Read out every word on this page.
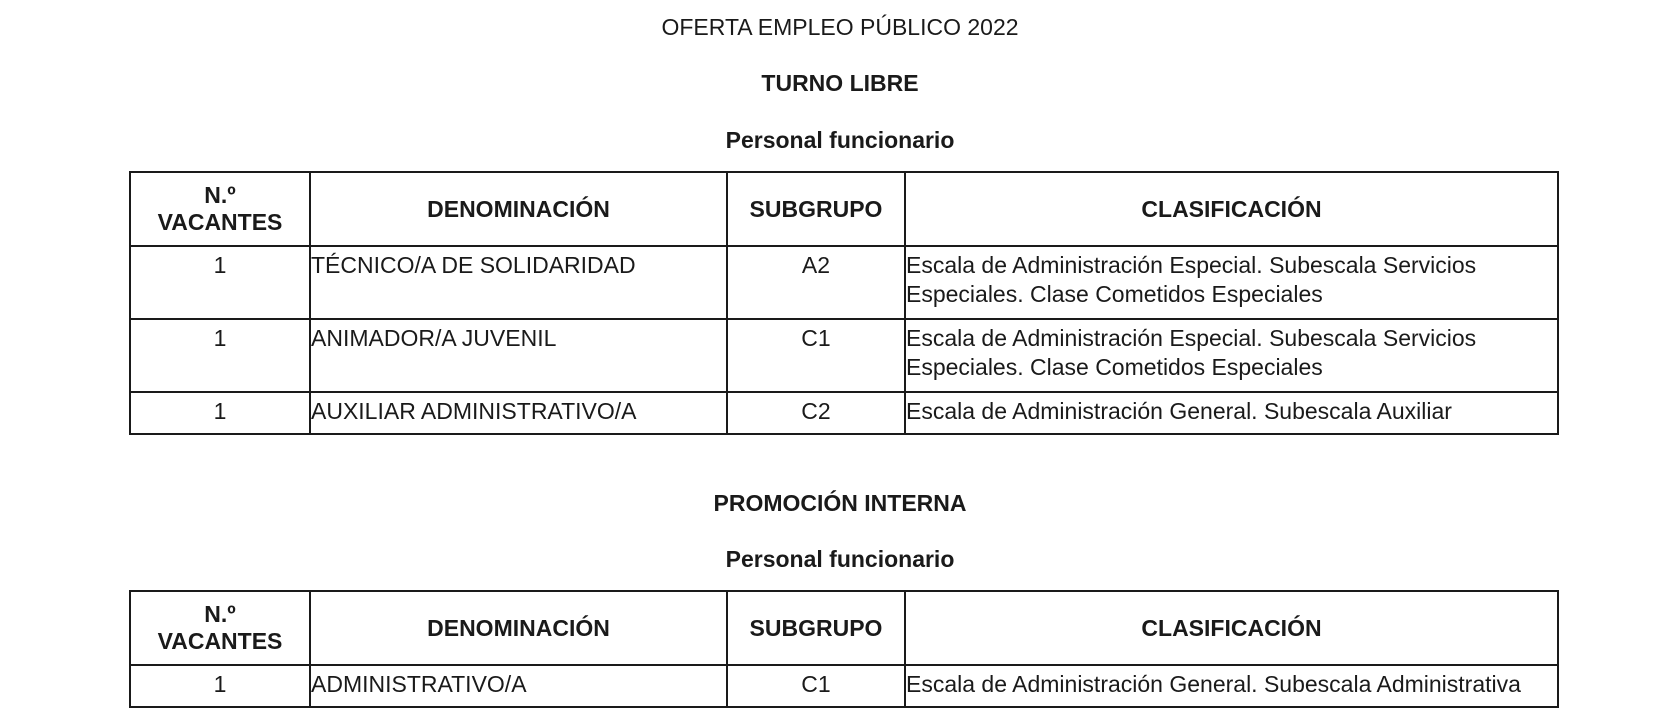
OFERTA EMPLEO PÚBLICO 2022
TURNO LIBRE
Personal funcionario
N.º
VACANTES	DENOMINACIÓN	SUBGRUPO	CLASIFICACIÓN
1	TÉCNICO/A DE SOLIDARIDAD	A2	Escala de Administración Especial. Subescala Servicios
Especiales. Clase Cometidos Especiales

1	ANIMADOR/A JUVENIL	C1	Escala de Administración Especial. Subescala Servicios
Especiales. Clase Cometidos Especiales

1	AUXILIAR ADMINISTRATIVO/A	C2	Escala de Administración General. Subescala Auxiliar
PROMOCIÓN INTERNA
Personal funcionario
N.º
VACANTES	DENOMINACIÓN	SUBGRUPO	CLASIFICACIÓN
1	ADMINISTRATIVO/A	C1	Escala de Administración General. Subescala Administrativa
